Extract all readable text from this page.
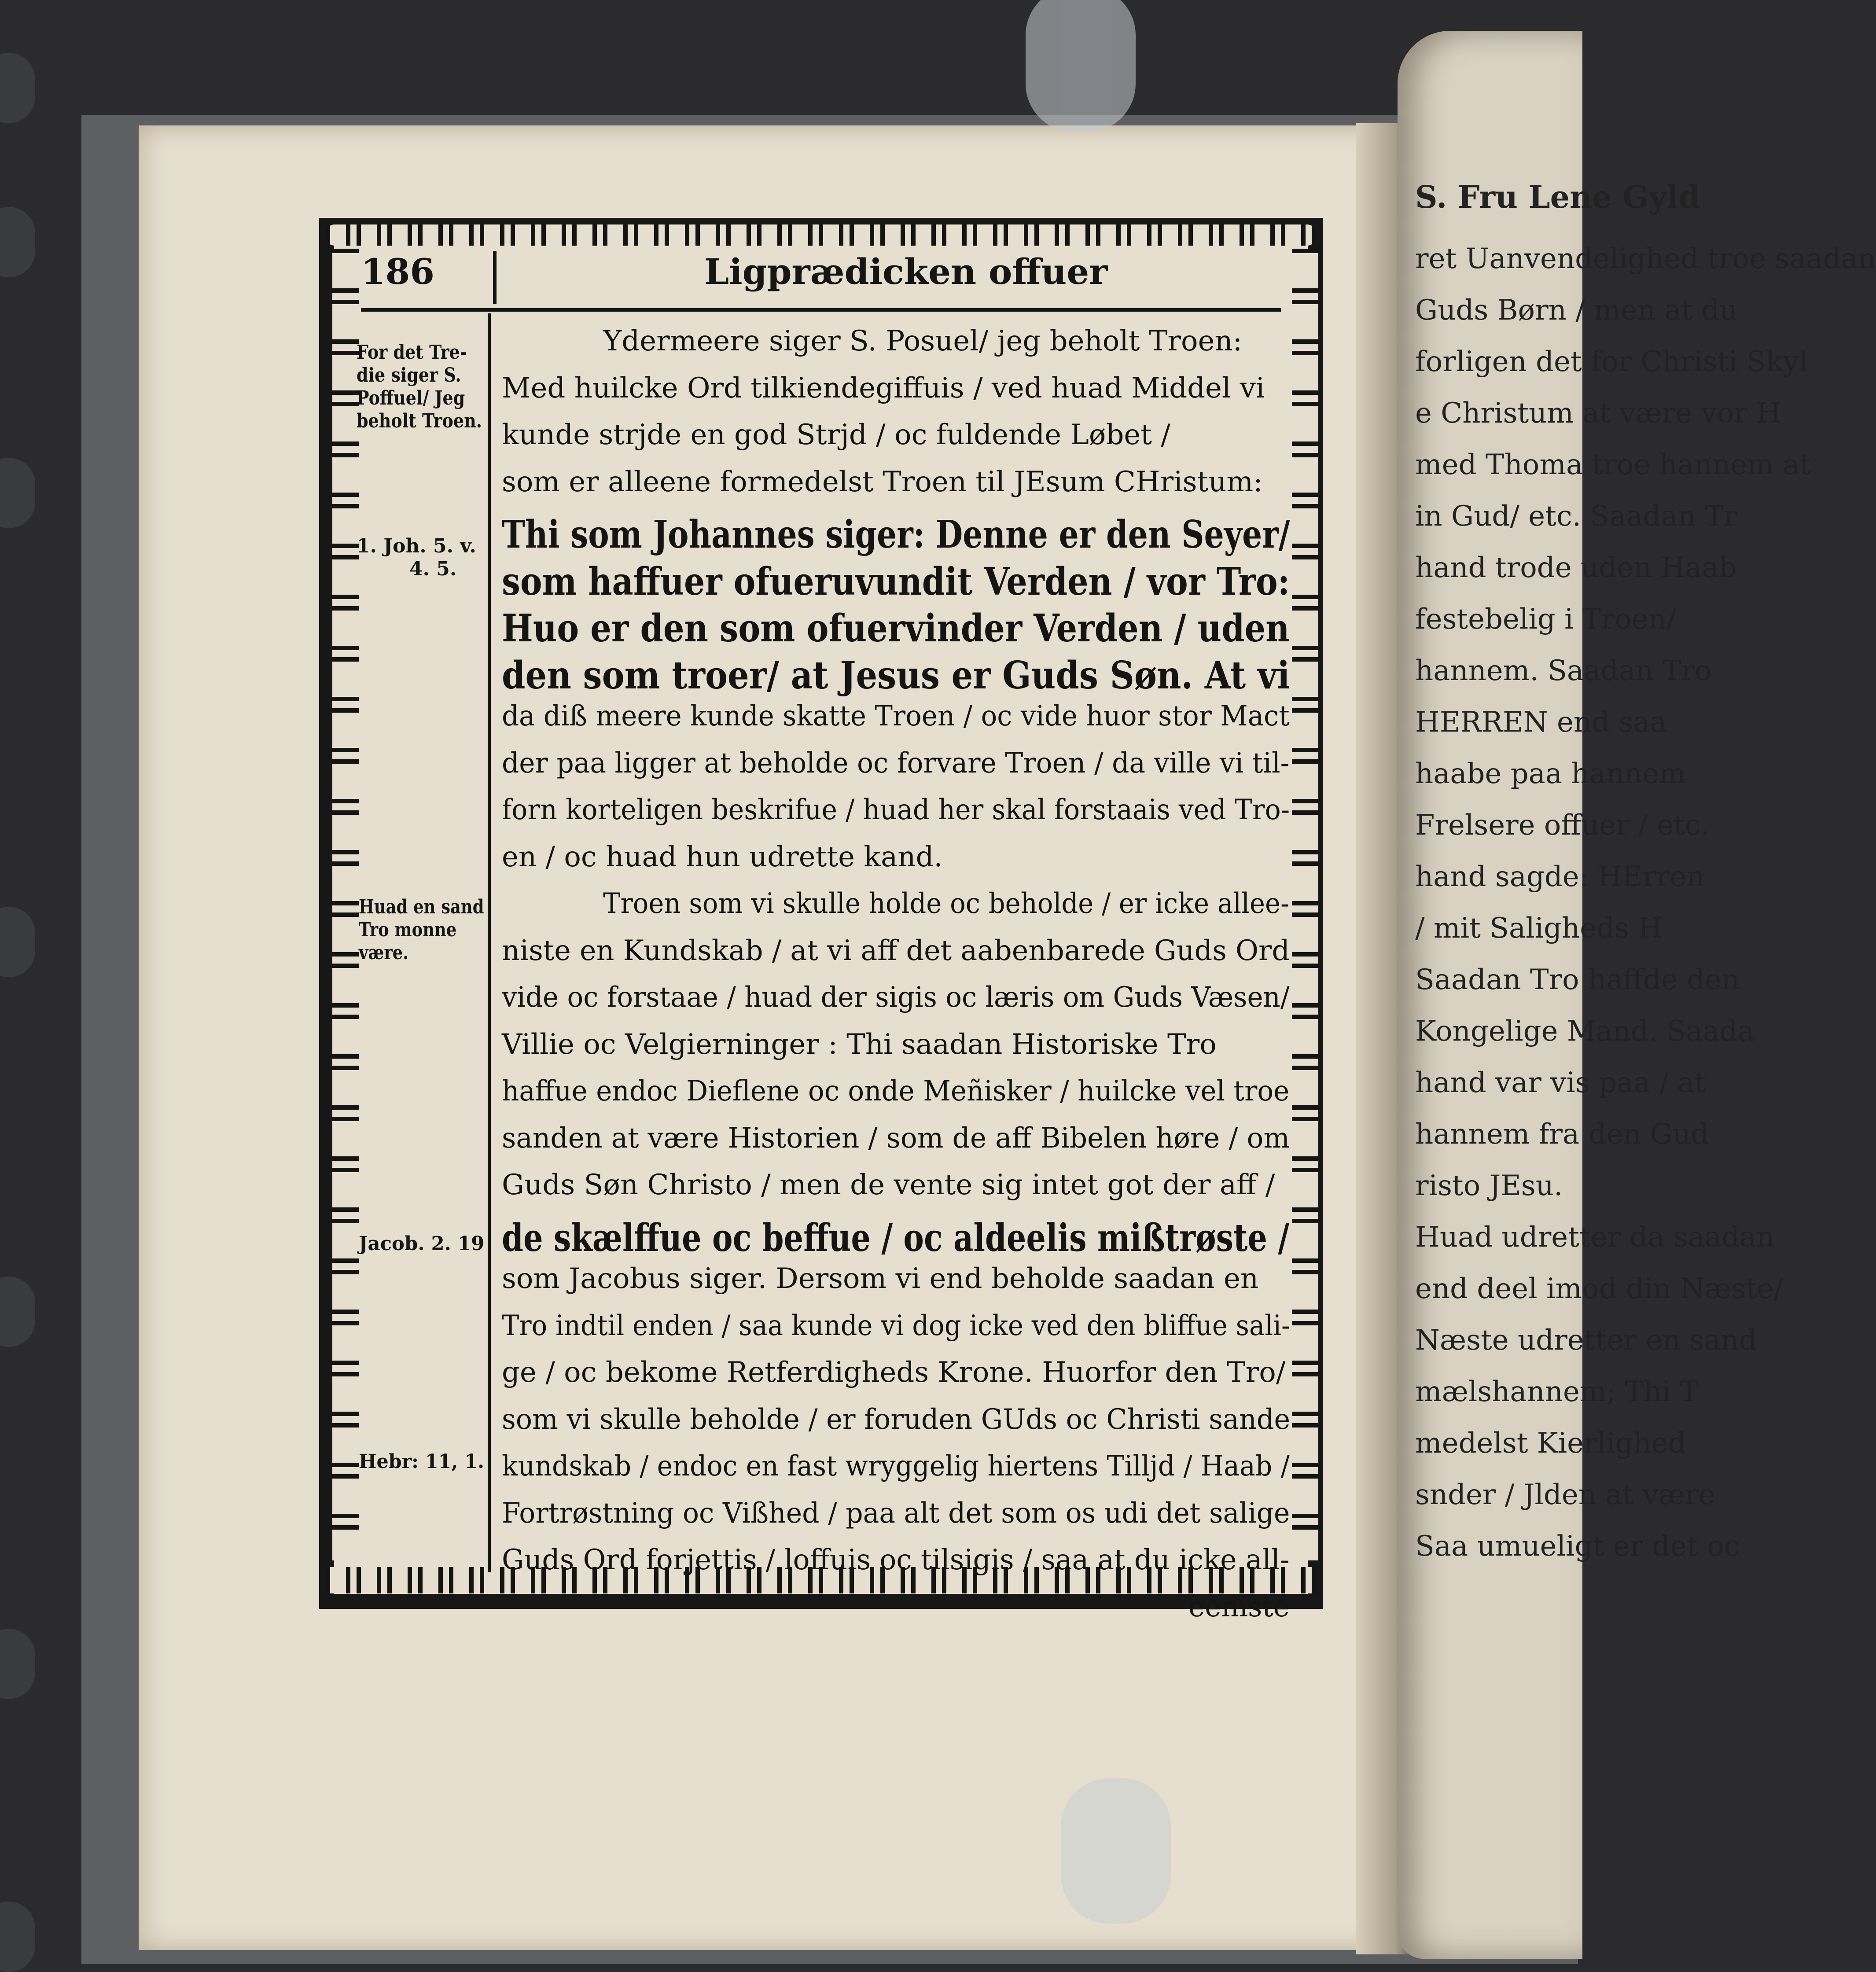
S. Fru Lene Gyld
ret Uanvendelighed troe saadan
Guds Børn / men at du
forligen det for Christi Skyl
e Christum at være vor H
med Thoma troe hannem at
in Gud/ etc. Saadan Tr
hand trode uden Haab
festebelig i Troen/
hannem. Saadan Tro
HERREN end saa
haabe paa hannem
Frelsere offuer / etc.
hand sagde: HErren
/ mit Saligheds H
Saadan Tro haffde den
Kongelige Mand. Saada
hand var vis paa / at
hannem fra den Gud
risto JEsu.
Huad udretter da saadan
end deel imod din Næste/
Næste udretter en sand
mælshannem; Thi T
medelst Kierlighed
snder / Jlden at være
Saa umueligt er det oc
186	Ligprædicken offuer
For det Tre-
die siger S.
Poffuel/ Jeg
beholt Troen.
1. Joh. 5. v.
4. 5.
Huad en sand
Tro monne
være.
Jacob. 2. 19
Hebr: 11, 1.
Ydermeere siger S. Posuel/ jeg beholt Troen:
Med huilcke Ord tilkiendegiffuis / ved huad Middel vi
kunde strjde en god Strjd / oc fuldende Løbet /
som er alleene formedelst Troen til JEsum CHristum:
Thi som Johannes siger: Denne er den Seyer/
som haffuer ofueruvundit Verden / vor Tro:
Huo er den som ofuervinder Verden / uden
den som troer/ at Jesus er Guds Søn. At vi
da diß meere kunde skatte Troen / oc vide huor stor Mact
der paa ligger at beholde oc forvare Troen / da ville vi til-
forn korteligen beskrifue / huad her skal forstaais ved Tro-
en / oc huad hun udrette kand.
Troen som vi skulle holde oc beholde / er icke allee-
niste en Kundskab / at vi aff det aabenbarede Guds Ord
vide oc forstaae / huad der sigis oc læris om Guds Væsen/
Villie oc Velgierninger : Thi saadan Historiske Tro
haffue endoc Dieflene oc onde Meñisker / huilcke vel troe
sanden at være Historien / som de aff Bibelen høre / om
Guds Søn Christo / men de vente sig intet got der aff /
de skælffue oc beffue / oc aldeelis mißtrøste /
som Jacobus siger. Dersom vi end beholde saadan en
Tro indtil enden / saa kunde vi dog icke ved den bliffue sali-
ge / oc bekome Retferdigheds Krone. Huorfor den Tro/
som vi skulle beholde / er foruden GUds oc Christi sande
kundskab / endoc en fast wryggelig hiertens Tilljd / Haab /
Fortrøstning oc Vißhed / paa alt det som os udi det salige
Guds Ord forjettis / loffuis oc tilsigis / saa at du icke all-
eeniste
